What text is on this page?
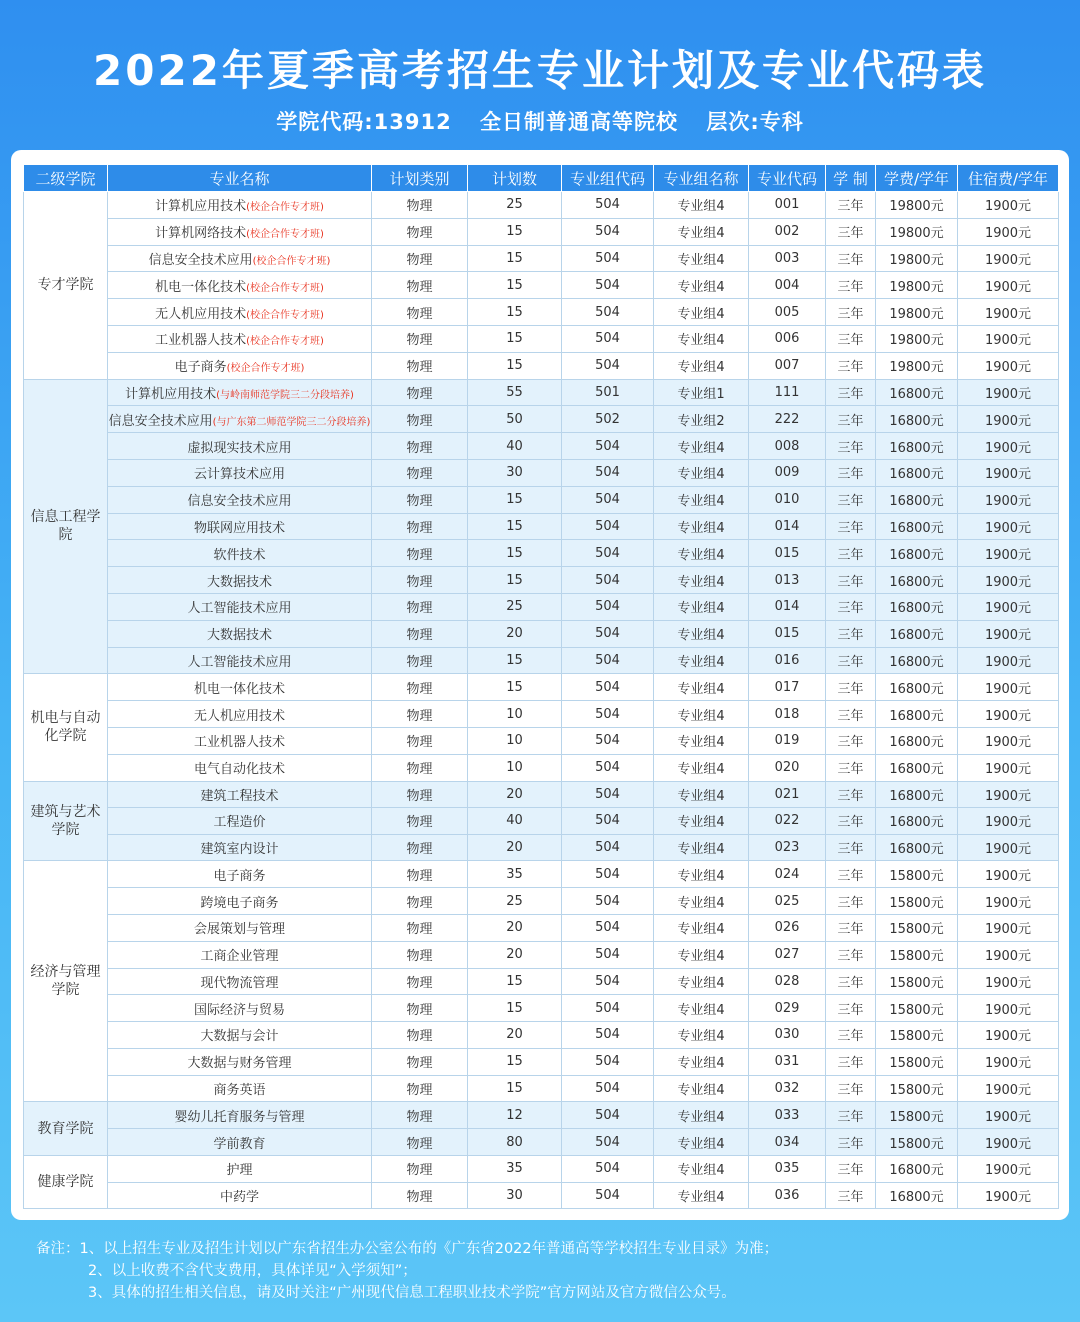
2022年夏季高考招生专业计划及专业代码表
学院代码:13912 全日制普通高等院校 层次:专科
二级学院	专业名称	计划类别	计划数	专业组代码	专业组名称	专业代码	学 制	学费/学年	住宿费/学年
专才学院	计算机应用技术(校企合作专才班)	物理	25	504	专业组4	001	三年	19800元	1900元
	计算机网络技术(校企合作专才班)	物理	15	504	专业组4	002	三年	19800元	1900元
	信息安全技术应用(校企合作专才班)	物理	15	504	专业组4	003	三年	19800元	1900元
	机电一体化技术(校企合作专才班)	物理	15	504	专业组4	004	三年	19800元	1900元
	无人机应用技术(校企合作专才班)	物理	15	504	专业组4	005	三年	19800元	1900元
	工业机器人技术(校企合作专才班)	物理	15	504	专业组4	006	三年	19800元	1900元
	电子商务(校企合作专才班)	物理	15	504	专业组4	007	三年	19800元	1900元
信息工程学院	计算机应用技术(与岭南师范学院三二分段培养)	物理	55	501	专业组1	111	三年	16800元	1900元
	信息安全技术应用(与广东第二师范学院三二分段培养)	物理	50	502	专业组2	222	三年	16800元	1900元
	虚拟现实技术应用	物理	40	504	专业组4	008	三年	16800元	1900元
	云计算技术应用	物理	30	504	专业组4	009	三年	16800元	1900元
	信息安全技术应用	物理	15	504	专业组4	010	三年	16800元	1900元
	物联网应用技术	物理	15	504	专业组4	014	三年	16800元	1900元
	软件技术	物理	15	504	专业组4	015	三年	16800元	1900元
	大数据技术	物理	15	504	专业组4	013	三年	16800元	1900元
	人工智能技术应用	物理	25	504	专业组4	014	三年	16800元	1900元
	大数据技术	物理	20	504	专业组4	015	三年	16800元	1900元
	人工智能技术应用	物理	15	504	专业组4	016	三年	16800元	1900元
机电与自动化学院	机电一体化技术	物理	15	504	专业组4	017	三年	16800元	1900元
	无人机应用技术	物理	10	504	专业组4	018	三年	16800元	1900元
	工业机器人技术	物理	10	504	专业组4	019	三年	16800元	1900元
	电气自动化技术	物理	10	504	专业组4	020	三年	16800元	1900元
建筑与艺术学院	建筑工程技术	物理	20	504	专业组4	021	三年	16800元	1900元
	工程造价	物理	40	504	专业组4	022	三年	16800元	1900元
	建筑室内设计	物理	20	504	专业组4	023	三年	16800元	1900元
经济与管理学院	电子商务	物理	35	504	专业组4	024	三年	15800元	1900元
	跨境电子商务	物理	25	504	专业组4	025	三年	15800元	1900元
	会展策划与管理	物理	20	504	专业组4	026	三年	15800元	1900元
	工商企业管理	物理	20	504	专业组4	027	三年	15800元	1900元
	现代物流管理	物理	15	504	专业组4	028	三年	15800元	1900元
	国际经济与贸易	物理	15	504	专业组4	029	三年	15800元	1900元
	大数据与会计	物理	20	504	专业组4	030	三年	15800元	1900元
	大数据与财务管理	物理	15	504	专业组4	031	三年	15800元	1900元
	商务英语	物理	15	504	专业组4	032	三年	15800元	1900元
教育学院	婴幼儿托育服务与管理	物理	12	504	专业组4	033	三年	15800元	1900元
	学前教育	物理	80	504	专业组4	034	三年	15800元	1900元
健康学院	护理	物理	35	504	专业组4	035	三年	16800元	1900元
	中药学	物理	30	504	专业组4	036	三年	16800元	1900元
备注：1、以上招生专业及招生计划以广东省招生办公室公布的《广东省2022年普通高等学校招生专业目录》为准；
2、以上收费不含代支费用，具体详见“入学须知”；
3、具体的招生相关信息，请及时关注“广州现代信息工程职业技术学院”官方网站及官方微信公众号。
